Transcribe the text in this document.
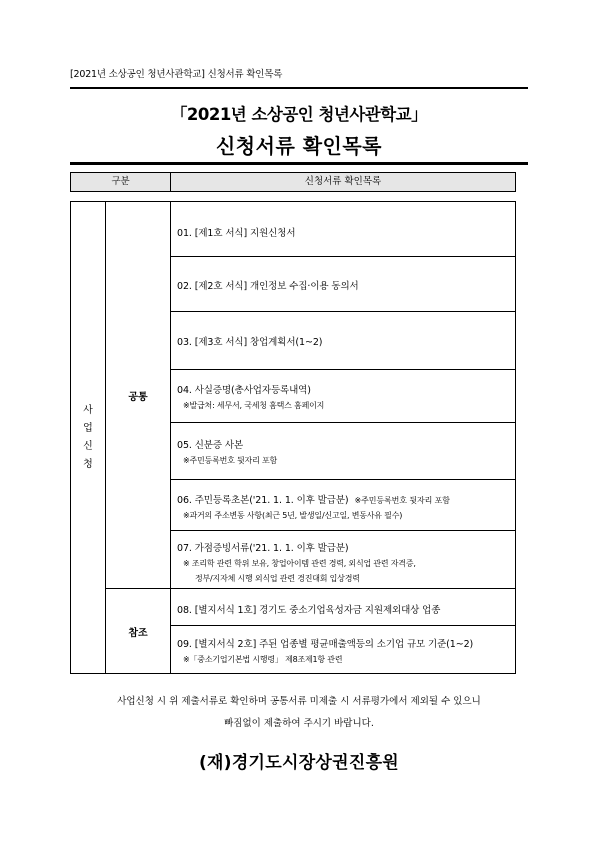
[2021년 소상공인 청년사관학교] 신청서류 확인목록
「2021년 소상공인 청년사관학교」
신청서류 확인목록
구분	신청서류 확인목록
사업신청
공통
참조
01. [제1호 서식] 지원신청서
02. [제2호 서식] 개인정보 수집·이용 동의서
03. [제3호 서식] 창업계획서(1~2)
04. 사실증명(총사업자등록내역)
※발급처: 세무서, 국세청 홈택스 홈페이지
05. 신분증 사본
※주민등록번호 뒷자리 포함
06. 주민등록초본('21. 1. 1. 이후 발급분) ※주민등록번호 뒷자리 포함
※과거의 주소변동 사항(최근 5년, 발생일/신고일, 변동사유 필수)
07. 가점증빙서류('21. 1. 1. 이후 발급분)
※ 조리학 관련 학위 보유, 창업아이템 관련 경력, 외식업 관련 자격증,
정부/지자체 시행 외식업 관련 경진대회 입상경력
08. [별지서식 1호] 경기도 중소기업육성자금 지원제외대상 업종
09. [별지서식 2호] 주된 업종별 평균매출액등의 소기업 규모 기준(1~2)
※「중소기업기본법 시행령」 제8조제1항 관련
사업신청 시 위 제출서류로 확인하며 공통서류 미제출 시 서류평가에서 제외될 수 있으니
빠짐없이 제출하여 주시기 바랍니다.
(재)경기도시장상권진흥원
